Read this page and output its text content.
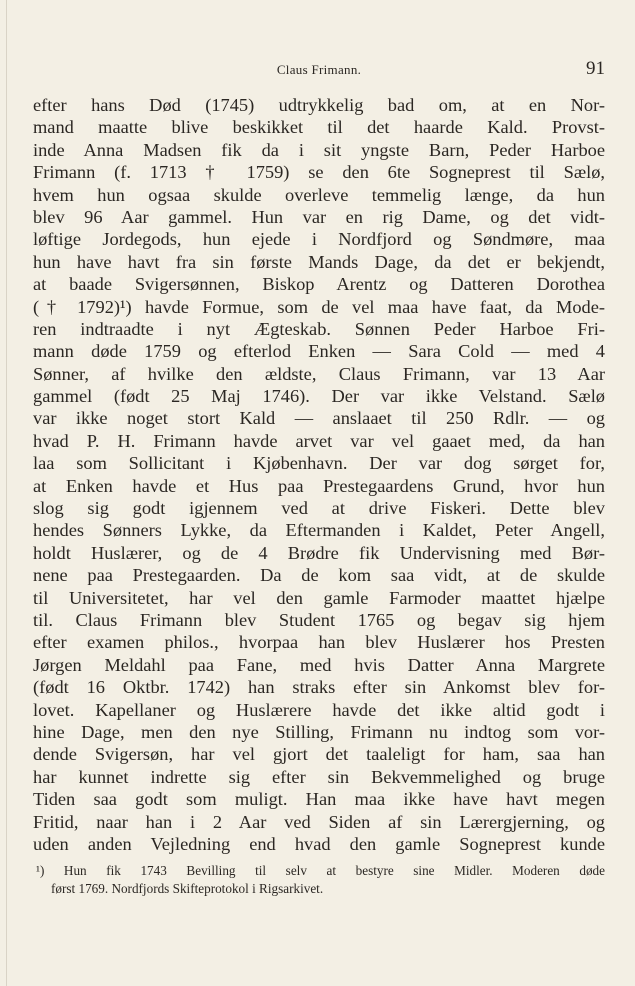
Claus Frimann.	91
efter hans Død (1745) udtrykkelig bad om, at en Nor-
mand maatte blive beskikket til det haarde Kald. Provst-
inde Anna Madsen fik da i sit yngste Barn, Peder Harboe
Frimann (f. 1713 † 1759) se den 6te Sogneprest til Sælø,
hvem hun ogsaa skulde overleve temmelig længe, da hun
blev 96 Aar gammel. Hun var en rig Dame, og det vidt-
løftige Jordegods, hun ejede i Nordfjord og Søndmøre, maa
hun have havt fra sin første Mands Dage, da det er bekjendt,
at baade Svigersønnen, Biskop Arentz og Datteren Dorothea
(† 1792)¹) havde Formue, som de vel maa have faat, da Mode-
ren indtraadte i nyt Ægteskab. Sønnen Peder Harboe Fri-
mann døde 1759 og efterlod Enken — Sara Cold — med 4
Sønner, af hvilke den ældste, Claus Frimann, var 13 Aar
gammel (født 25 Maj 1746). Der var ikke Velstand. Sælø
var ikke noget stort Kald — anslaaet til 250 Rdlr. — og
hvad P. H. Frimann havde arvet var vel gaaet med, da han
laa som Sollicitant i Kjøbenhavn. Der var dog sørget for,
at Enken havde et Hus paa Prestegaardens Grund, hvor hun
slog sig godt igjennem ved at drive Fiskeri. Dette blev
hendes Sønners Lykke, da Eftermanden i Kaldet, Peter Angell,
holdt Huslærer, og de 4 Brødre fik Undervisning med Bør-
nene paa Prestegaarden. Da de kom saa vidt, at de skulde
til Universitetet, har vel den gamle Farmoder maattet hjælpe
til. Claus Frimann blev Student 1765 og begav sig hjem
efter examen philos., hvorpaa han blev Huslærer hos Presten
Jørgen Meldahl paa Fane, med hvis Datter Anna Margrete
(født 16 Oktbr. 1742) han straks efter sin Ankomst blev for-
lovet. Kapellaner og Huslærere havde det ikke altid godt i
hine Dage, men den nye Stilling, Frimann nu indtog som vor-
dende Svigersøn, har vel gjort det taaleligt for ham, saa han
har kunnet indrette sig efter sin Bekvemmelighed og bruge
Tiden saa godt som muligt. Han maa ikke have havt megen
Fritid, naar han i 2 Aar ved Siden af sin Lærergjerning, og
uden anden Vejledning end hvad den gamle Sogneprest kunde
¹) Hun fik 1743 Bevilling til selv at bestyre sine Midler. Moderen døde
først 1769. Nordfjords Skifteprotokol i Rigsarkivet.
